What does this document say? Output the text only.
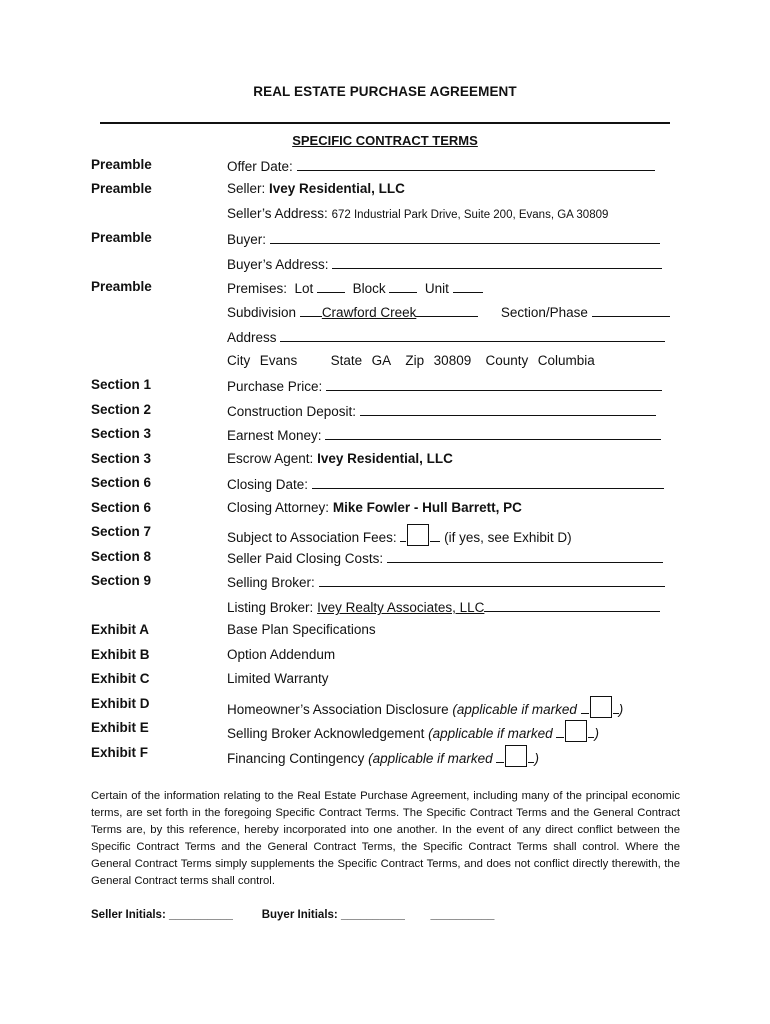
REAL ESTATE PURCHASE AGREEMENT
SPECIFIC CONTRACT TERMS
Preamble	Offer Date:
Preamble	Seller: Ivey Residential, LLC
Seller’s Address: 672 Industrial Park Drive, Suite 200, Evans, GA 30809
Preamble	Buyer:
Buyer’s Address:
Preamble	Premises: Lot	Block	Unit
Subdivision Crawford Creek	Section/Phase
Address
City Evans State GA Zip 30809 County Columbia
Section 1	Purchase Price:
Section 2	Construction Deposit:
Section 3	Earnest Money:
Section 3	Escrow Agent: Ivey Residential, LLC
Section 6	Closing Date:
Section 6	Closing Attorney: Mike Fowler - Hull Barrett, PC
Section 7	Subject to Association Fees:	(if yes, see Exhibit D)
Section 8	Seller Paid Closing Costs:
Section 9	Selling Broker:
Listing Broker: Ivey Realty Associates, LLC
Exhibit A	Base Plan Specifications
Exhibit B	Option Addendum
Exhibit C	Limited Warranty
Exhibit D	Homeowner’s Association Disclosure (applicable if marked	)
Exhibit E	Selling Broker Acknowledgement (applicable if marked	)
Exhibit F	Financing Contingency (applicable if marked	)
Certain of the information relating to the Real Estate Purchase Agreement, including many of the principal economic terms, are set forth in the foregoing Specific Contract Terms. The Specific Contract Terms and the General Contract Terms are, by this reference, hereby incorporated into one another. In the event of any direct conflict between the Specific Contract Terms and the General Contract Terms, the Specific Contract Terms shall control. Where the General Contract Terms simply supplements the Specific Contract Terms, and does not conflict directly therewith, the General Contract terms shall control.
Seller Initials: __________	Buyer Initials: __________ __________
